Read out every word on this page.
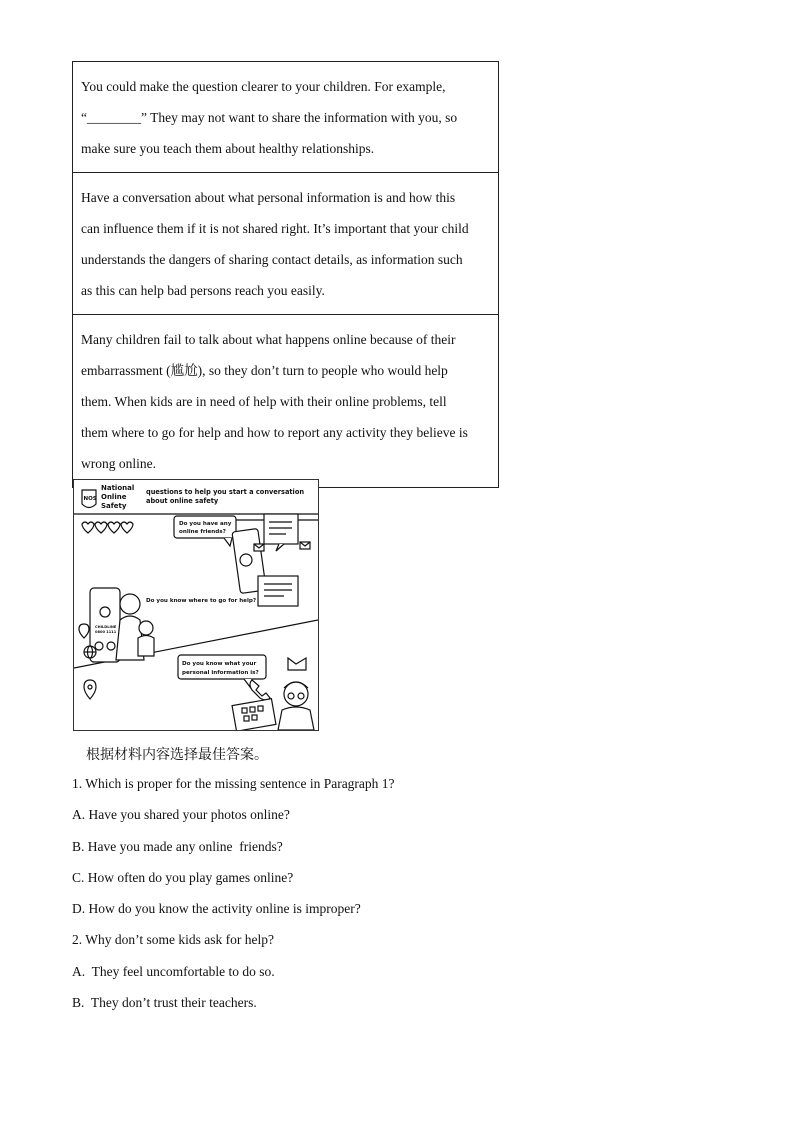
You could make the question clearer to your children. For example,

“________” They may not want to share the information with you, so

make sure you teach them about healthy relationships.

Have a conversation about what personal information is and how this

can influence them if it is not shared right. It’s important that your child

understands the dangers of sharing contact details, as information such

as this can help bad persons reach you easily.

Many children fail to talk about what happens online because of their

embarrassment (尴尬), so they don’t turn to people who would help

them. When kids are in need of help with their online problems, tell

them where to go for help and how to report any activity they believe is

wrong online.

NOS
National
Online
Safety
questions to help you start a conversation
about online safety
Do you have any
online friends?
CHILDLINE
0800 1111
Do you know where to go for help?
Do you know what your
personal information is?

根据材料内容选择最佳答案。

1. Which is proper for the missing sentence in Paragraph 1?

A. Have you shared your photos online?

B. Have you made any online  friends?

C. How often do you play games online?

D. How do you know the activity online is improper?

2. Why don’t some kids ask for help?

A.  They feel uncomfortable to do so.

B.  They don’t trust their teachers.
